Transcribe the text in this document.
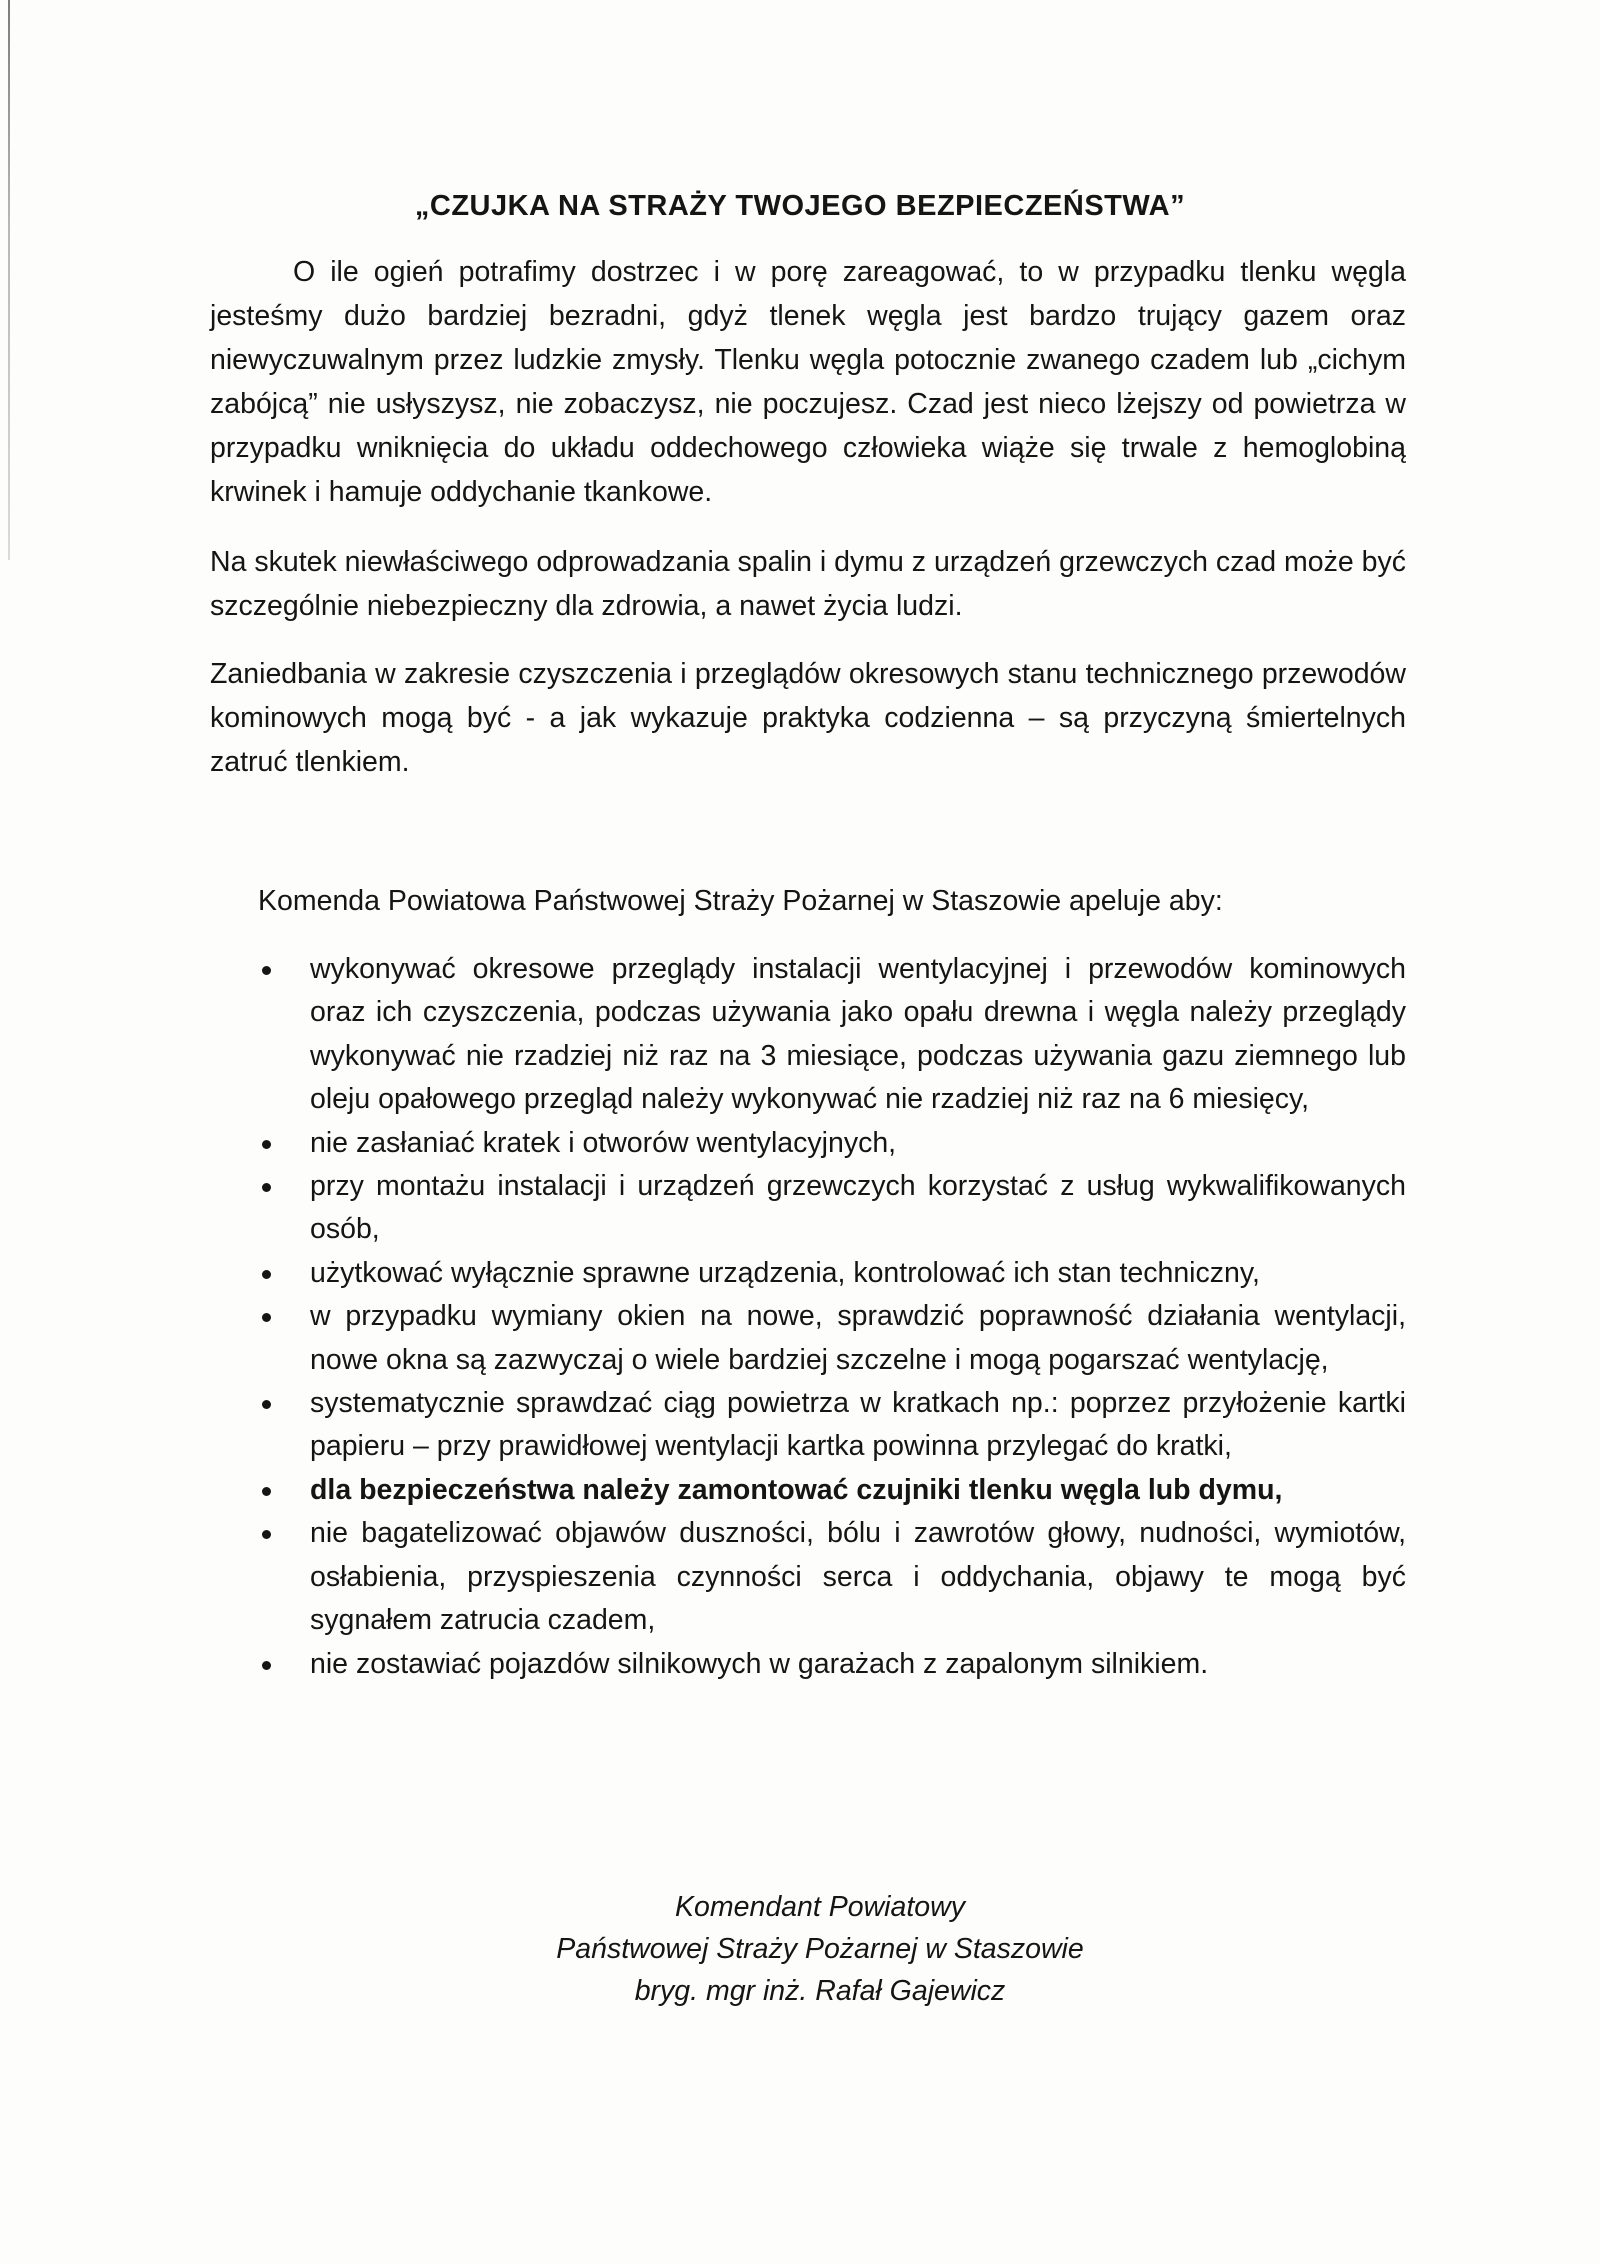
„CZUJKA NA STRAŻY TWOJEGO BEZPIECZEŃSTWA”
O ile ogień potrafimy dostrzec i w porę zareagować, to w przypadku tlenku węgla jesteśmy dużo bardziej bezradni, gdyż tlenek węgla jest bardzo trujący gazem oraz niewyczuwalnym przez ludzkie zmysły. Tlenku węgla potocznie zwanego czadem lub „cichym zabójcą” nie usłyszysz, nie zobaczysz, nie poczujesz. Czad jest nieco lżejszy od powietrza w przypadku wniknięcia do układu oddechowego człowieka wiąże się trwale z hemoglobiną krwinek i hamuje oddychanie tkankowe.
Na skutek niewłaściwego odprowadzania spalin i dymu z urządzeń grzewczych czad może być szczególnie niebezpieczny dla zdrowia, a nawet życia ludzi.
Zaniedbania w zakresie czyszczenia i przeglądów okresowych stanu technicznego przewodów kominowych mogą być - a jak wykazuje praktyka codzienna – są przyczyną śmiertelnych zatruć tlenkiem.
Komenda Powiatowa Państwowej Straży Pożarnej w Staszowie apeluje aby:
wykonywać okresowe przeglądy instalacji wentylacyjnej i przewodów kominowych oraz ich czyszczenia, podczas używania jako opału drewna i węgla należy przeglądy wykonywać nie rzadziej niż raz na 3 miesiące, podczas używania gazu ziemnego lub oleju opałowego przegląd należy wykonywać nie rzadziej niż raz na 6 miesięcy,
nie zasłaniać kratek i otworów wentylacyjnych,
przy montażu instalacji i urządzeń grzewczych korzystać z usług wykwalifikowanych osób,
użytkować wyłącznie sprawne urządzenia, kontrolować ich stan techniczny,
w przypadku wymiany okien na nowe, sprawdzić poprawność działania wentylacji, nowe okna są zazwyczaj o wiele bardziej szczelne i mogą pogarszać wentylację,
systematycznie sprawdzać ciąg powietrza w kratkach np.: poprzez przyłożenie kartki papieru – przy prawidłowej wentylacji kartka powinna przylegać do kratki,
dla bezpieczeństwa należy zamontować czujniki tlenku węgla lub dymu,
nie bagatelizować objawów duszności, bólu i zawrotów głowy, nudności, wymiotów, osłabienia, przyspieszenia czynności serca i oddychania, objawy te mogą być sygnałem zatrucia czadem,
nie zostawiać pojazdów silnikowych w garażach z zapalonym silnikiem.
Komendant Powiatowy
Państwowej Straży Pożarnej w Staszowie
bryg. mgr inż. Rafał Gajewicz
